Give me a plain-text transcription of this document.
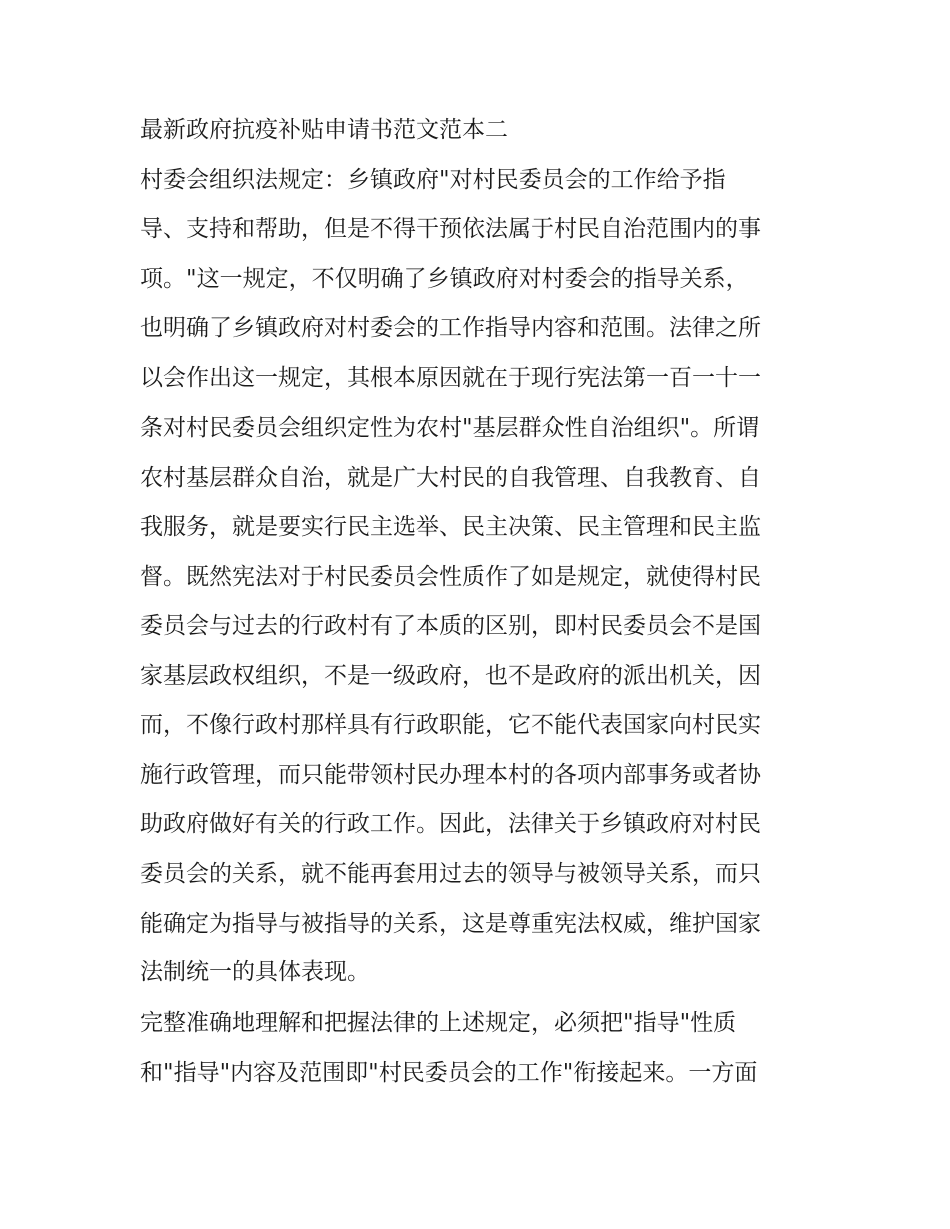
最新政府抗疫补贴申请书范文范本二
村委会组织法规定：乡镇政府"对村民委员会的工作给予指
导、支持和帮助，但是不得干预依法属于村民自治范围内的事
项。"这一规定，不仅明确了乡镇政府对村委会的指导关系，
也明确了乡镇政府对村委会的工作指导内容和范围。法律之所
以会作出这一规定，其根本原因就在于现行宪法第一百一十一
条对村民委员会组织定性为农村"基层群众性自治组织"。所谓
农村基层群众自治，就是广大村民的自我管理、自我教育、自
我服务，就是要实行民主选举、民主决策、民主管理和民主监
督。既然宪法对于村民委员会性质作了如是规定，就使得村民
委员会与过去的行政村有了本质的区别，即村民委员会不是国
家基层政权组织，不是一级政府，也不是政府的派出机关，因
而，不像行政村那样具有行政职能，它不能代表国家向村民实
施行政管理，而只能带领村民办理本村的各项内部事务或者协
助政府做好有关的行政工作。因此，法律关于乡镇政府对村民
委员会的关系，就不能再套用过去的领导与被领导关系，而只
能确定为指导与被指导的关系，这是尊重宪法权威，维护国家
法制统一的具体表现。
完整准确地理解和把握法律的上述规定，必须把"指导"性质
和"指导"内容及范围即"村民委员会的工作"衔接起来。一方面
